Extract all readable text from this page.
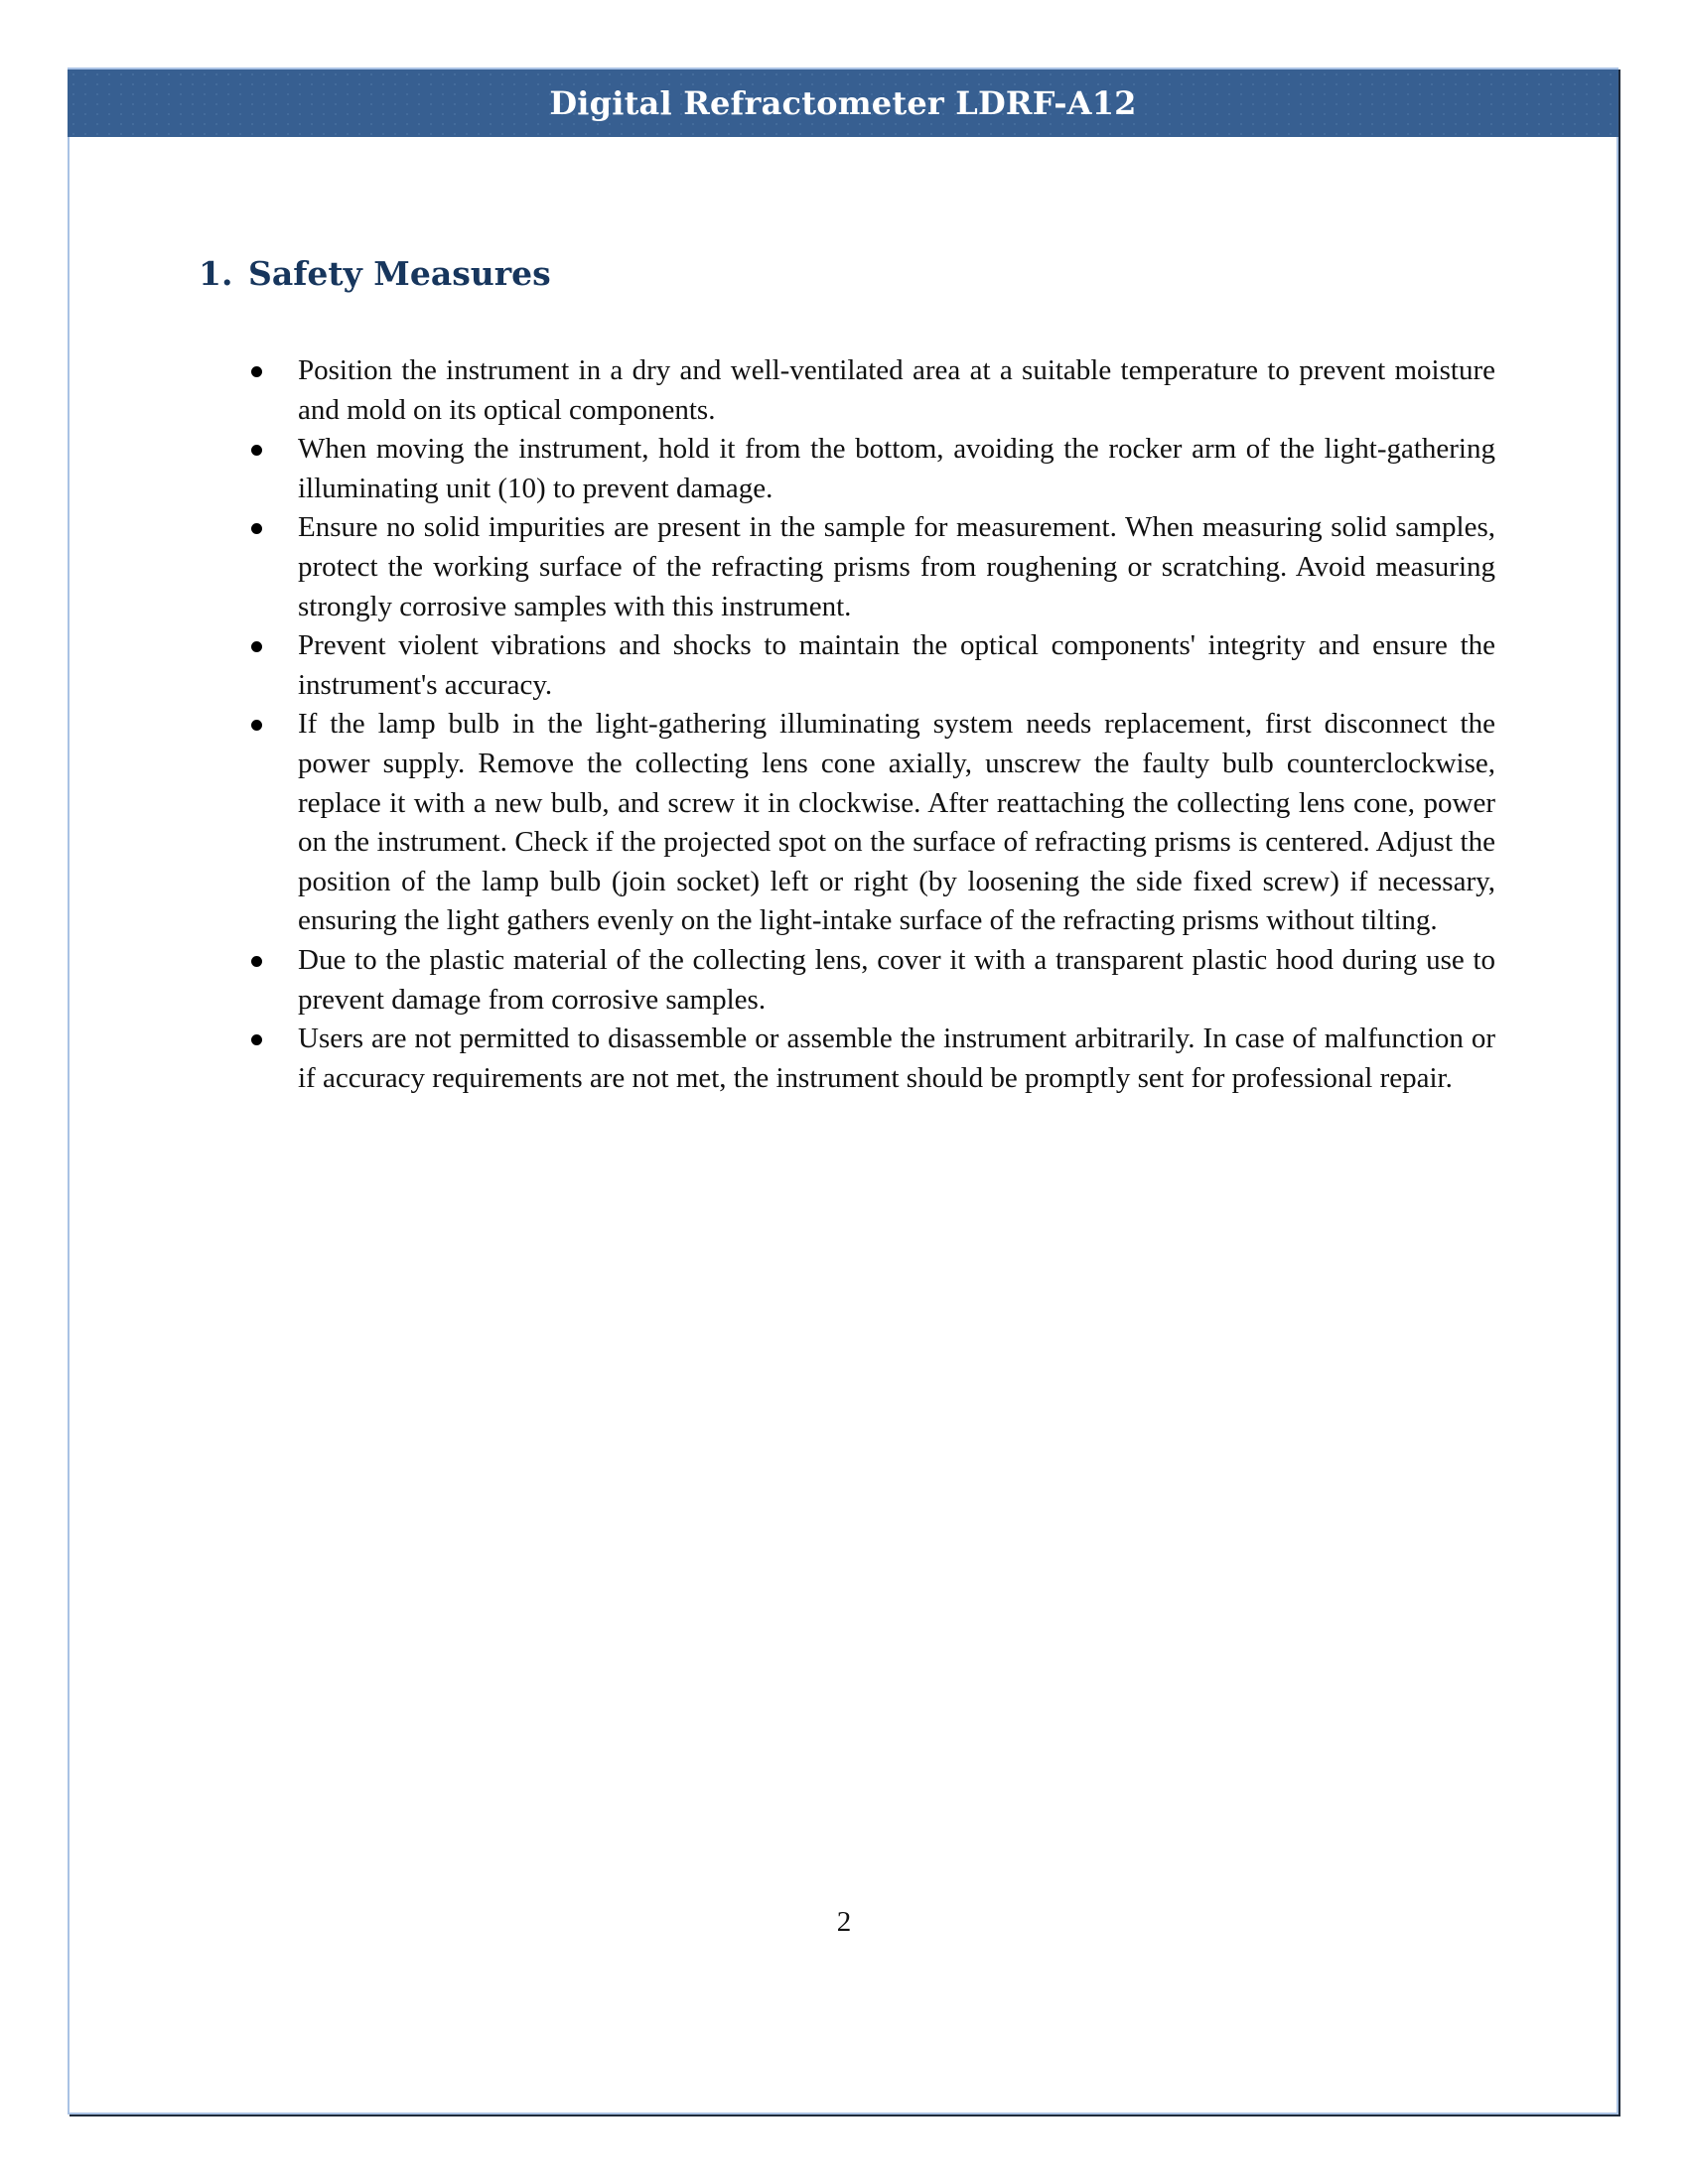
Digital Refractometer LDRF-A12
1. Safety Measures
Position the instrument in a dry and well-ventilated area at a suitable temperature to prevent moisture and mold on its optical components.
When moving the instrument, hold it from the bottom, avoiding the rocker arm of the light-gathering illuminating unit (10) to prevent damage.
Ensure no solid impurities are present in the sample for measurement. When measuring solid samples, protect the working surface of the refracting prisms from roughening or scratching. Avoid measuring strongly corrosive samples with this instrument.
Prevent violent vibrations and shocks to maintain the optical components' integrity and ensure the instrument's accuracy.
If the lamp bulb in the light-gathering illuminating system needs replacement, first disconnect the power supply. Remove the collecting lens cone axially, unscrew the faulty bulb counterclockwise, replace it with a new bulb, and screw it in clockwise. After reattaching the collecting lens cone, power on the instrument. Check if the projected spot on the surface of refracting prisms is centered. Adjust the position of the lamp bulb (join socket) left or right (by loosening the side fixed screw) if necessary, ensuring the light gathers evenly on the light-intake surface of the refracting prisms without tilting.
Due to the plastic material of the collecting lens, cover it with a transparent plastic hood during use to prevent damage from corrosive samples.
Users are not permitted to disassemble or assemble the instrument arbitrarily. In case of malfunction or if accuracy requirements are not met, the instrument should be promptly sent for professional repair.
2
